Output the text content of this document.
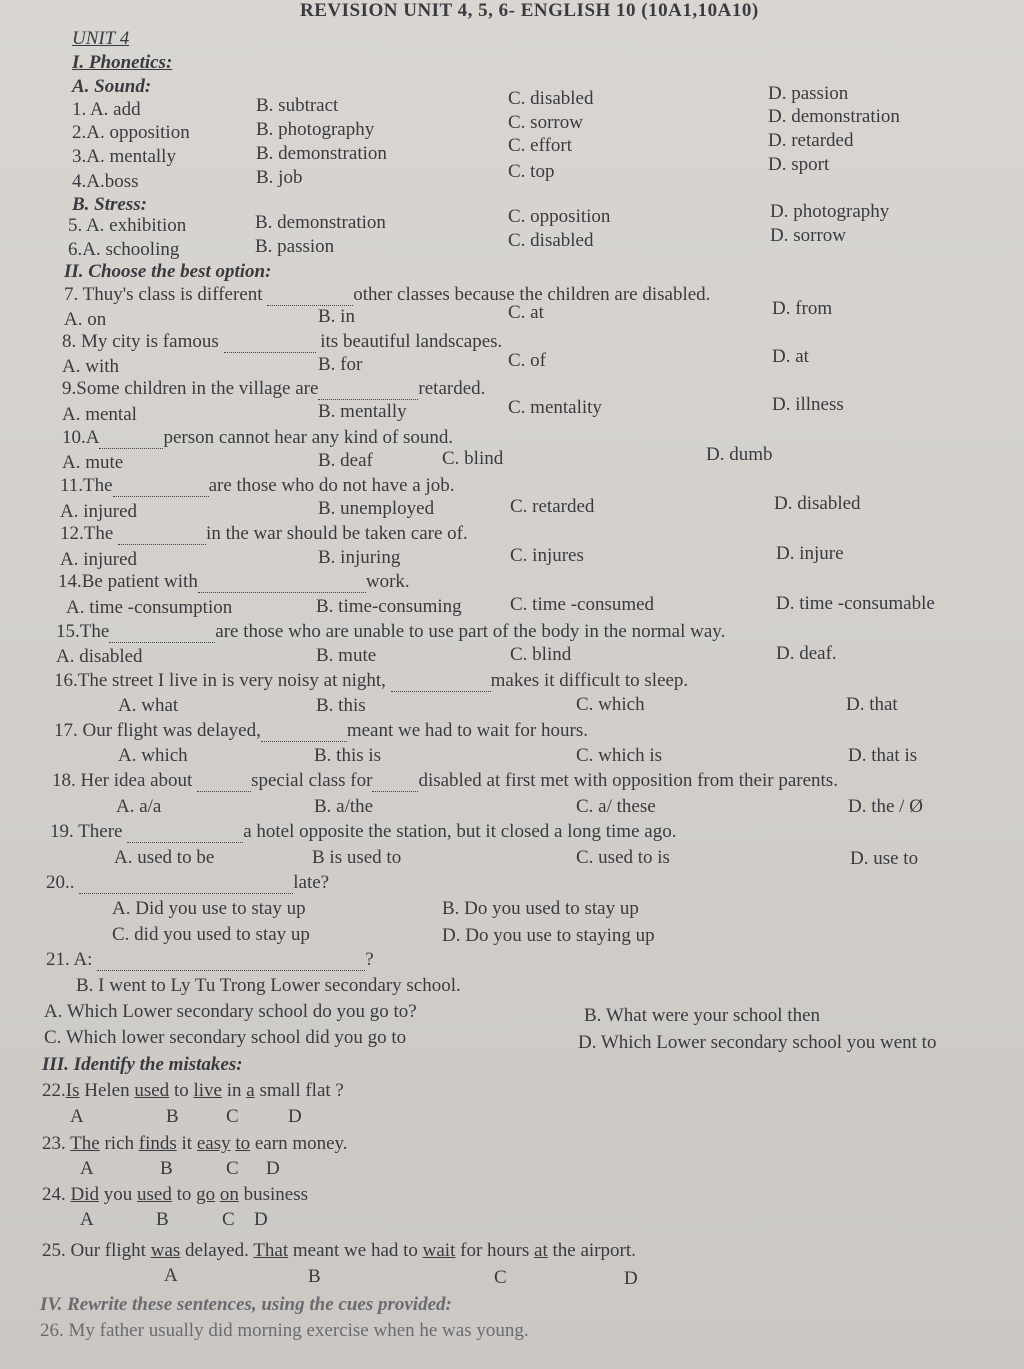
REVISION UNIT 4, 5, 6- ENGLISH 10 (10A1,10A10)
UNIT 4
I. Phonetics:
A. Sound:
1. A. add	B. subtract	C. disabled	D. passion
2.A. opposition	B. photography	C. sorrow	D. demonstration
3.A. mentally	B. demonstration	C. effort	D. retarded
4.A.boss	B. job	C. top	D. sport
B. Stress:
5. A. exhibition	B. demonstration	C. opposition	D. photography
6.A. schooling	B. passion	C. disabled	D. sorrow
II. Choose the best option:
7. Thuy's class is different	other classes because the children are disabled.
A. on	B. in	C. at	D. from
8. My city is famous	its beautiful landscapes.
A. with	B. for	C. of	D. at
9.Some children in the village are	retarded.
A. mental	B. mentally	C. mentality	D. illness
10.A	person cannot hear any kind of sound.
A. mute	B. deaf	C. blind	D. dumb
11.The	are those who do not have a job.
A. injured	B. unemployed	C. retarded	D. disabled
12.The	in the war should be taken care of.
A. injured	B. injuring	C. injures	D. injure
14.Be patient with	work.
A. time -consumption	B. time-consuming	C. time -consumed	D. time -consumable
15.The	are those who are unable to use part of the body in the normal way.
A. disabled	B. mute	C. blind	D. deaf.
16.The street I live in is very noisy at night,	makes it difficult to sleep.
A. what	B. this	C. which	D. that
17. Our flight was delayed,	meant we had to wait for hours.
A. which	B. this is	C. which is	D. that is
18. Her idea about	special class for disabled at first met with opposition from their parents.
A. a/a	B. a/the	C. a/ these	D. the / Ø
19. There	a hotel opposite the station, but it closed a long time ago.
A. used to be	B is used to	C. used to is	D. use to
20..	late?
A. Did you use to stay up	B. Do you used to stay up
C. did you used to stay up	D. Do you use to staying up
21. A:	?
B. I went to Ly Tu Trong Lower secondary school.
A. Which Lower secondary school do you go to?	B. What were your school then
C. Which lower secondary school did you go to	D. Which Lower secondary school you went to
III. Identify the mistakes:
22.Is Helen used to live in a small flat ?
A	B C	D
23. The rich finds it easy to earn money.
A	B	C D
24. Did you used to go on business
A	B	C D
25. Our flight was delayed. That meant we had to wait for hours at the airport.
A	B	C	D
IV. Rewrite these sentences, using the cues provided:
26. My father usually did morning exercise when he was young.
